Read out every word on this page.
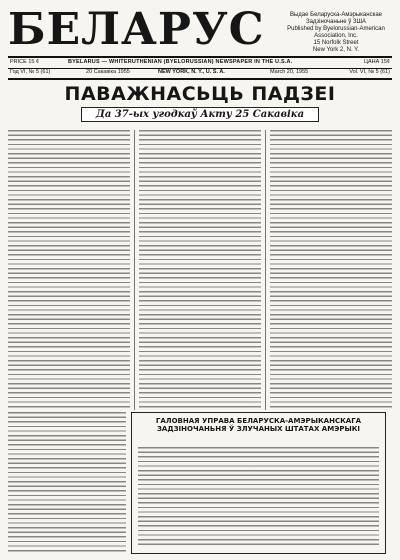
БЕЛАРУС	Выдае Беларуска-Амэрыканскае
Задзіночаньне ў ЗША
Published by Byelorussian-American
Association, Inc.
15 Norfolk Street
New York 2, N. Y.
PRICE 15 ¢	BYELARUS — WHITERUTHENIAN (BYELORUSSIAN) NEWSPAPER IN THE U.S.A.	ЦАНА 15¢
Год VI, № 5 (61)	20 Сакавіка 1955	NEW YORK, N. Y., U. S. A.	March 20, 1955	Vol. VI, № 5 (61)
ПАВАЖНАСЬЦЬ ПАДЗЕІ
Да 37-ых угодкаў Акту 25 Сакавіка
ГАЛОВНАЯ УПРАВА БЕЛАРУСКА-АМЭРЫКАНСКАГА ЗАДЗІНОЧАНЬНЯ Ў ЗЛУЧАНЫХ ШТАТАХ АМЭРЫКІ
